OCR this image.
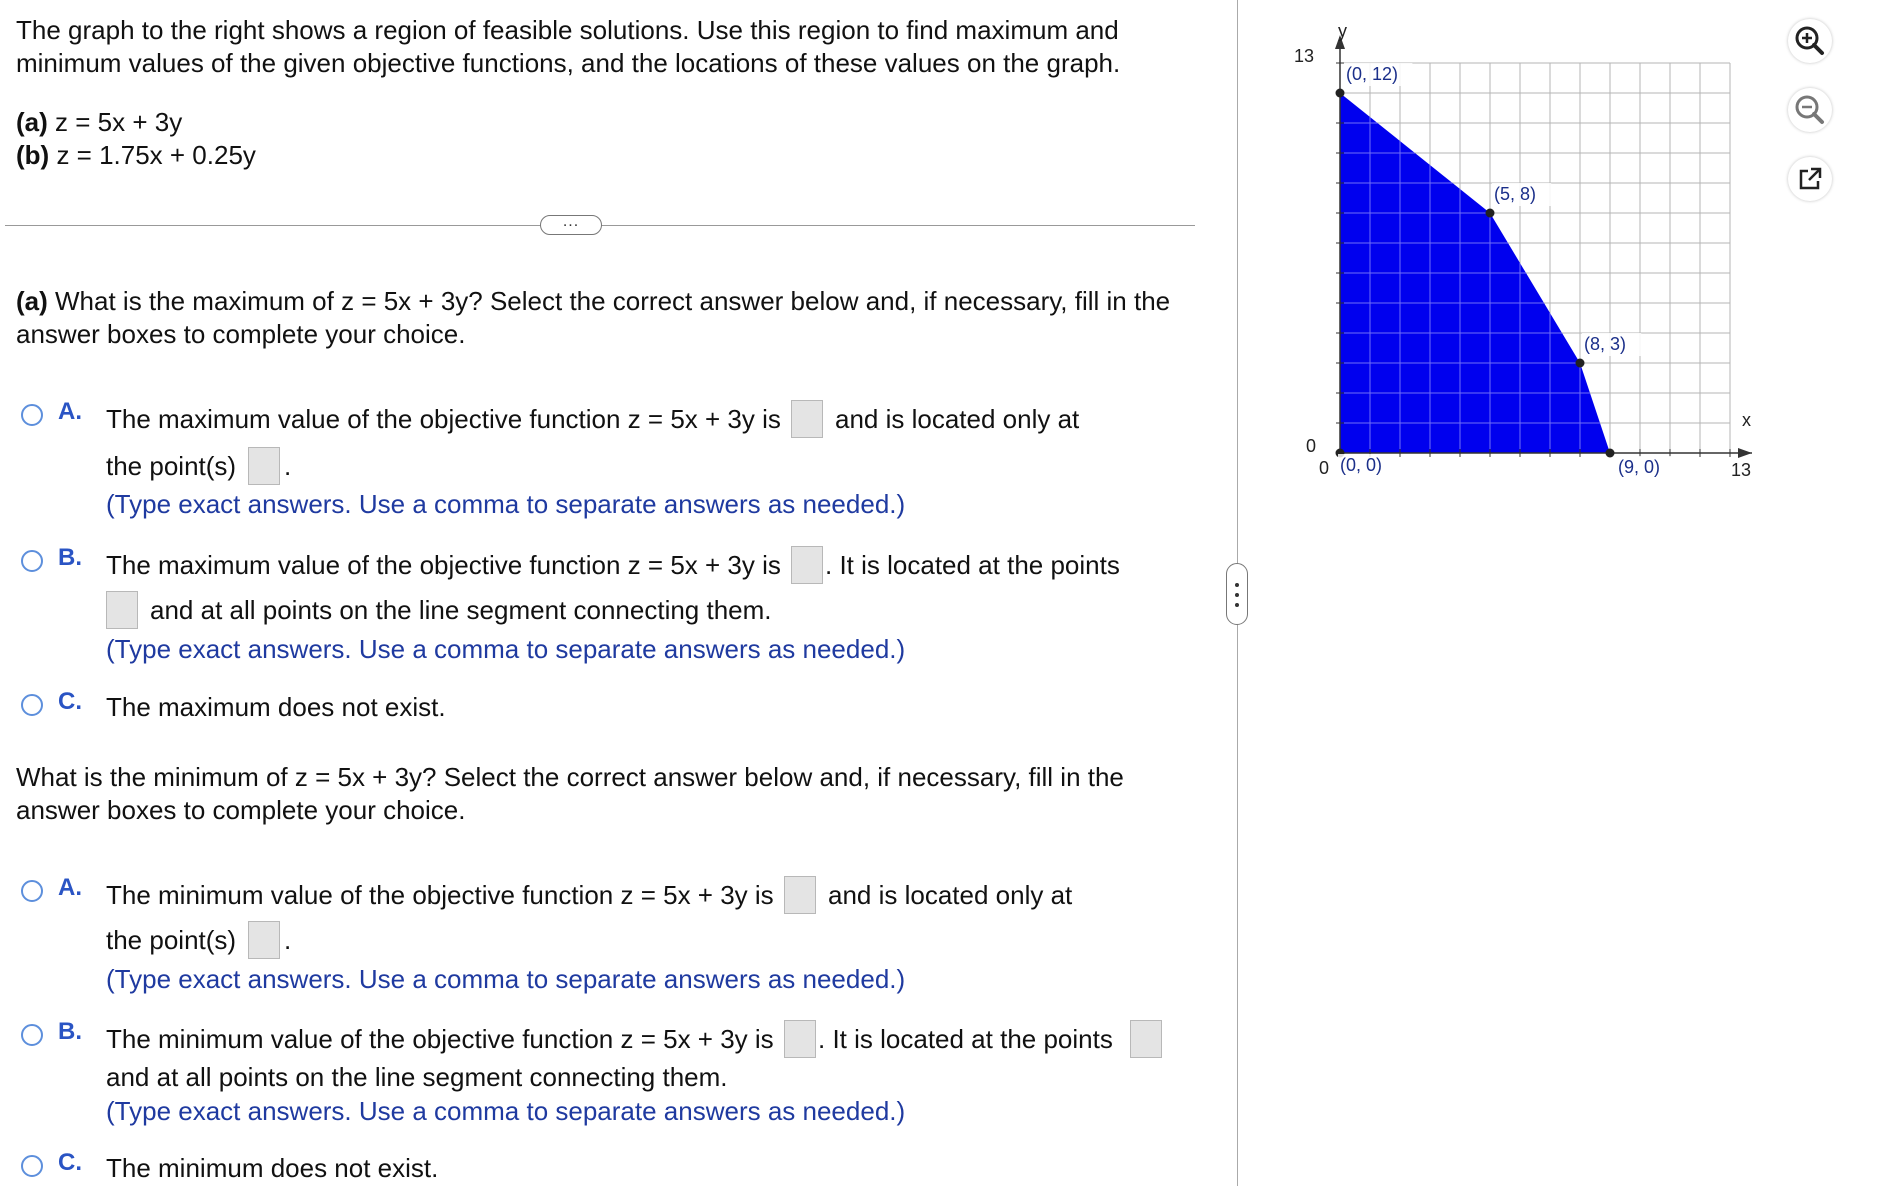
The graph to the right shows a region of feasible solutions. Use this region to find maximum and
minimum values of the given objective functions, and the locations of these values on the graph.
(a) z = 5x + 3y
(b) z = 1.75x + 0.25y
...
(a) What is the maximum of z = 5x + 3y? Select the correct answer below and, if necessary, fill in the
answer boxes to complete your choice.
A. The maximum value of the objective function z = 5x + 3y is and is located only at
the point(s) .
(Type exact answers. Use a comma to separate answers as needed.)
B. The maximum value of the objective function z = 5x + 3y is . It is located at the points
and at all points on the line segment connecting them.
(Type exact answers. Use a comma to separate answers as needed.)
C. The maximum does not exist.
What is the minimum of z = 5x + 3y? Select the correct answer below and, if necessary, fill in the
answer boxes to complete your choice.
A. The minimum value of the objective function z = 5x + 3y is and is located only at
the point(s) .
(Type exact answers. Use a comma to separate answers as needed.)
B. The minimum value of the objective function z = 5x + 3y is . It is located at the points
and at all points on the line segment connecting them.
(Type exact answers. Use a comma to separate answers as needed.)
C. The minimum does not exist.
(0, 12)
(5, 8)
(8, 3)
(9, 0)
(0, 0)
y
13
0
0
x
13
